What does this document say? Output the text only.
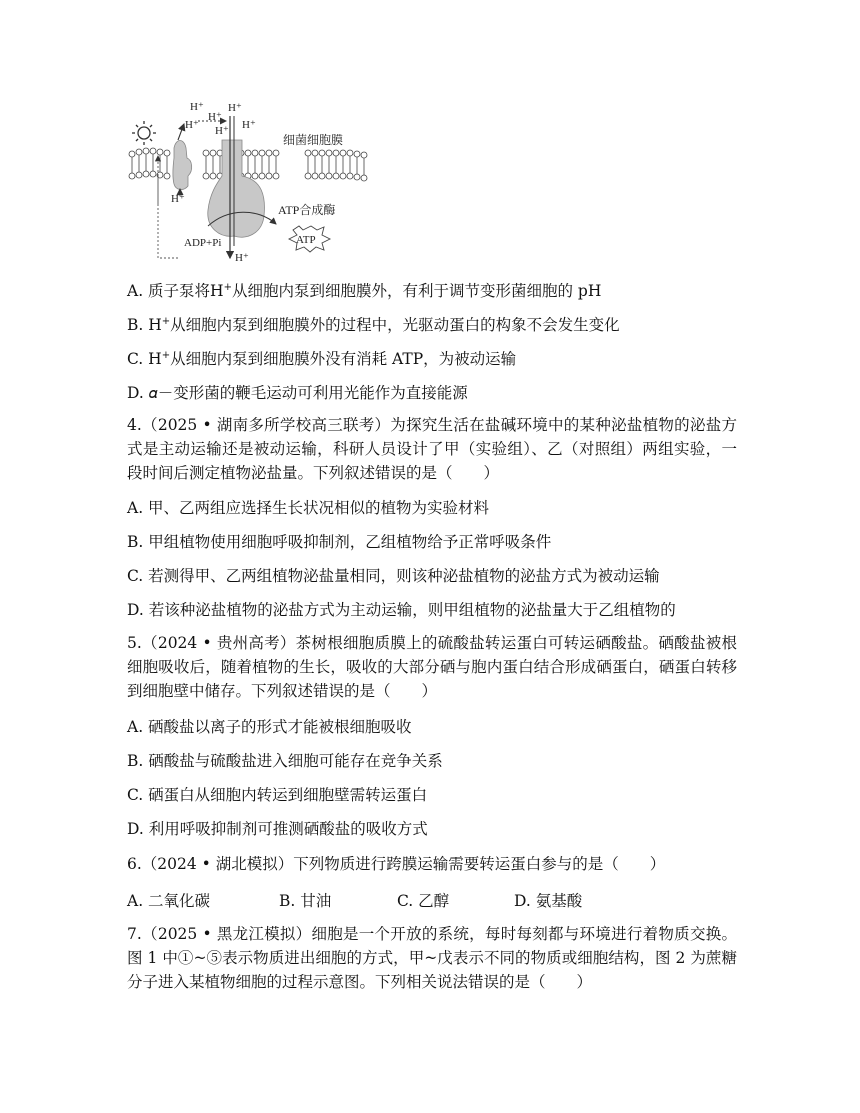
H⁺ H⁺
H⁺
H⁺	H⁺
H⁺
H⁺
H⁺
细菌细胞膜
ATP合成酶
ADP+Pi	ATP
A. 质子泵将H+从细胞内泵到细胞膜外，有利于调节变形菌细胞的 pH
B. H+从细胞内泵到细胞膜外的过程中，光驱动蛋白的构象不会发生变化
C. H+从细胞内泵到细胞膜外没有消耗 ATP，为被动运输
D. 𝛼－变形菌的鞭毛运动可利用光能作为直接能源
4.（2025 • 湖南多所学校高三联考）为探究生活在盐碱环境中的某种泌盐植物的泌盐方式是主动运输还是被动运输，科研人员设计了甲（实验组）、乙（对照组）两组实验，一段时间后测定植物泌盐量。下列叙述错误的是（　　）
A. 甲、乙两组应选择生长状况相似的植物为实验材料
B. 甲组植物使用细胞呼吸抑制剂，乙组植物给予正常呼吸条件
C. 若测得甲、乙两组植物泌盐量相同，则该种泌盐植物的泌盐方式为被动运输
D. 若该种泌盐植物的泌盐方式为主动运输，则甲组植物的泌盐量大于乙组植物的
5.（2024 • 贵州高考）茶树根细胞质膜上的硫酸盐转运蛋白可转运硒酸盐。硒酸盐被根细胞吸收后，随着植物的生长，吸收的大部分硒与胞内蛋白结合形成硒蛋白，硒蛋白转移到细胞壁中储存。下列叙述错误的是（　　）
A. 硒酸盐以离子的形式才能被根细胞吸收
B. 硒酸盐与硫酸盐进入细胞可能存在竞争关系
C. 硒蛋白从细胞内转运到细胞壁需转运蛋白
D. 利用呼吸抑制剂可推测硒酸盐的吸收方式
6.（2024 • 湖北模拟）下列物质进行跨膜运输需要转运蛋白参与的是（　　）
A. 二氧化碳	B. 甘油	C. 乙醇	D. 氨基酸
7.（2025 • 黑龙江模拟）细胞是一个开放的系统，每时每刻都与环境进行着物质交换。图 1 中①~⑤表示物质进出细胞的方式，甲~戊表示不同的物质或细胞结构，图 2 为蔗糖分子进入某植物细胞的过程示意图。下列相关说法错误的是（　　）
